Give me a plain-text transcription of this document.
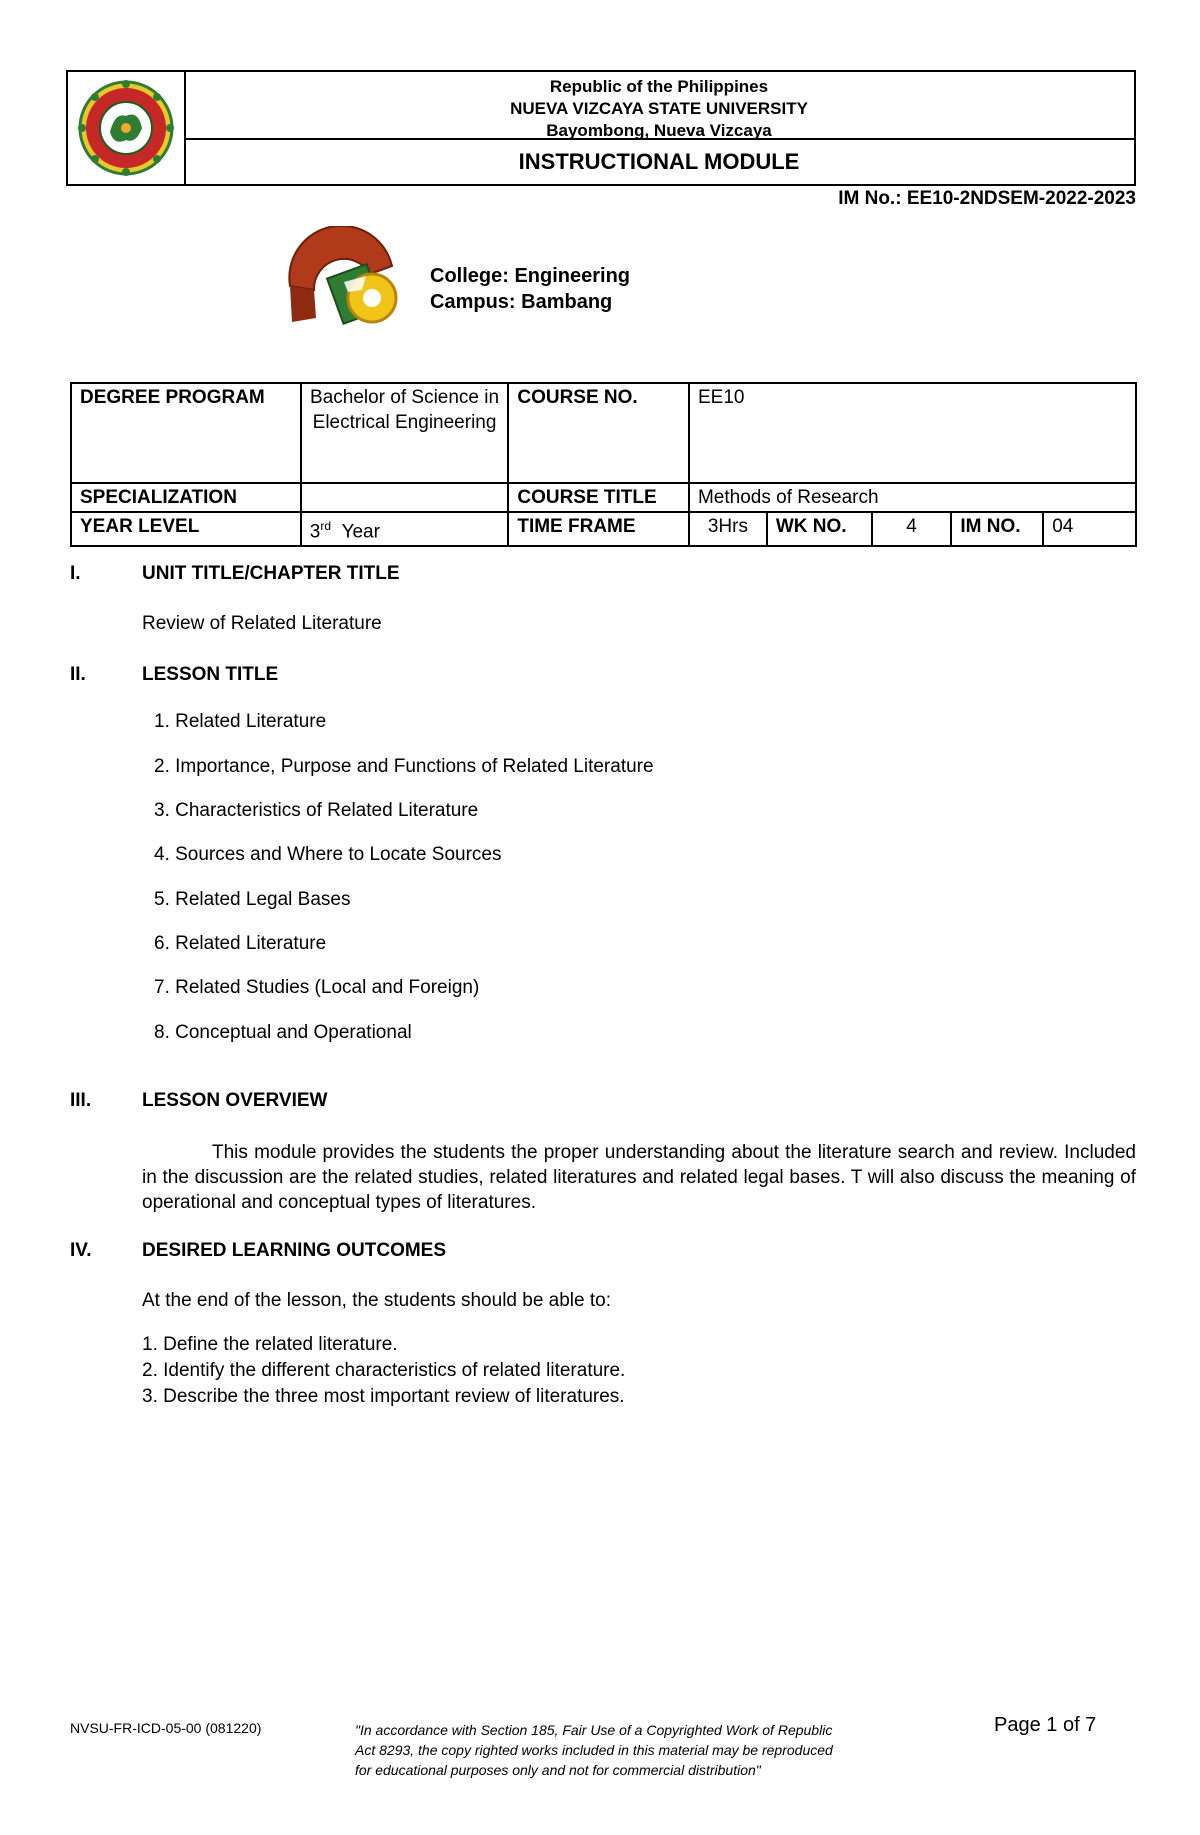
Republic of the Philippines
NUEVA VIZCAYA STATE UNIVERSITY
Bayombong, Nueva Vizcaya
INSTRUCTIONAL MODULE
IM No.: EE10-2NDSEM-2022-2023
College: Engineering
Campus: Bambang
DEGREE PROGRAM	Bachelor of Science in Electrical Engineering	COURSE NO.	EE10				
SPECIALIZATION		COURSE TITLE	Methods of Research				
YEAR LEVEL	3rd Year	TIME FRAME	3Hrs	WK NO.	4	IM NO.	04
I.	UNIT TITLE/CHAPTER TITLE
Review of Related Literature
II.	LESSON TITLE
1. Related Literature
2. Importance, Purpose and Functions of Related Literature
3. Characteristics of Related Literature
4. Sources and Where to Locate Sources
5. Related Legal Bases
6. Related Literature
7. Related Studies (Local and Foreign)
8. Conceptual and Operational
III.	LESSON OVERVIEW
This module provides the students the proper understanding about the literature search and review. Included in the discussion are the related studies, related literatures and related legal bases. T will also discuss the meaning of operational and conceptual types of literatures.
IV.	DESIRED LEARNING OUTCOMES
At the end of the lesson, the students should be able to:
1. Define the related literature.
2. Identify the different characteristics of related literature.
3. Describe the three most important review of literatures.
NVSU-FR-ICD-05-00 (081220)	"In accordance with Section 185, Fair Use of a Copyrighted Work of Republic
Act 8293, the copy righted works included in this material may be reproduced
for educational purposes only and not for commercial distribution"
Page 1 of 7
